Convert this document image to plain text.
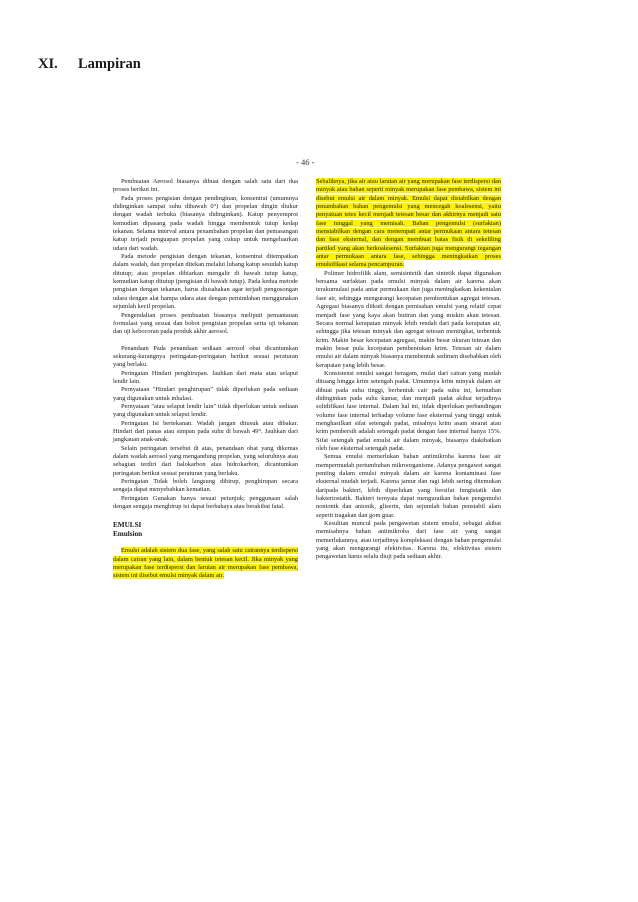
XI. Lampiran
- 46 -

Pembuatan Aerosol biasanya dibuat dengan salah satu dari dua proses berikut ini.

Pada proses pengisian dengan pendinginan, konsentrat (umumnya didinginkan sampai suhu dibawah 0°) dan propelan dingin diukur dengan wadah terbuka (biasanya didinginkan). Katup penyemprot kemudian dipasang pada wadah hingga membentuk tutup kedap tekanan. Selama interval antara penambahan propelan dan pemasangan katup terjadi penguapan propelan yang cukup untuk mengeluarkan udara dari wadah.

Pada metode pengisian dengan tekanan, konsentrat ditempatkan dalam wadah, dan propelan ditekan melalui lubang katup sesudah katup ditutup; atau propelan dibiarkan mengalir di bawah tutup katup, kemudian katup ditutup (pengisian di bawah tutup). Pada kedua metode pengisian dengan tekanan, harus diusahakan agar terjadi pengosongan udara dengan alat hampa udara atau dengan pemindahan menggunakan sejumlah kecil propelan.

Pengendalian proses pembuatan biasanya meliputi pemantauan formulasi yang sesuai dan bobot pengisian propelan serta uji tekanan dan uji kebocoran pada produk akhir aerosol.

Penandaan Pada penandaan sediaan aerosol obat dicantumkan sekurang-kurangnya peringatan-peringatan berikut sesuai peraturan yang berlaku.

Peringatan Hindari penghirupan. Jauhkan dari mata atau selaput lendir lain.

Pernyataan "Hindari penghirupan" tidak diperlukan pada sediaan yang digunakan untuk inhalasi.

Pernyataan "atau selaput lendir lain" tidak diperlukan untuk sediaan yang digunakan untuk selaput lendir.

Peringatan Isi bertekanan. Wadah jangan ditusuk atau dibakar. Hindari dari panas atau simpan pada suhu di bawah 49°. Jauhkan dari jangkauan anak-anak.

Selain peringatan tersebut di atas, penandaan obat yang dikemas dalam wadah aerosol yang mengandung propelan, yang seluruhnya atau sebagian terdiri dari halokarbon atau hidrokarbon, dicantumkan peringatan berikut sesuai peraturan yang berlaku.

Peringatan Tidak boleh langsung dihirup, penghirupan secara sengaja dapat menyebabkan kematian.

Peringatan Gunakan hanya sesuai petunjuk; penggunaan salah dengan sengaja menghirup isi dapat berbahaya atau berakibat fatal.

EMULSI
Emulsion

Emulsi adalah sistem dua fase, yang salah satu cairannya terdispersi dalam cairan yang lain, dalam bentuk tetesan kecil. Jika minyak yang merupakan fase terdispersi dan larutan air merupakan fase pembawa, sistem ini disebut emulsi minyak dalam air.

Sebaliknya, jika air atau larutan air yang merupakan fase terdispersi dan minyak atau bahan seperti minyak merupakan fase pembawa, sistem ini disebut emulsi air dalam minyak. Emulsi dapat distabilkan dengan penambahan bahan pengemulsi yang mencegah koalesensi, yaitu penyatuan tetes kecil menjadi tetesan besar dan akhirnya menjadi satu fase tunggal yang memisah. Bahan pengemulsi (surfaktan) menstabilkan dengan cara menempati antar permukaan antara tetesan dan fase eksternal, dan dengan membuat batas fisik di sekeliling partikel yang akan berkoalesensi. Surfaktan juga mengurangi tegangan antar permukaan antara fase, sehingga meningkatkan proses emulsifikasi selama pencampuran.

Polimer hidrofilik alam, semisintetik dan sintetik dapat digunakan bersama surfaktan pada emulsi minyak dalam air karena akan terakumulasi pada antar permukaan dan juga meningkatkan kekentalan fase air, sehingga mengurangi kecepatan pembentukan agregat tetesan. Agregasi biasanya diikuti dengan pemisahan emulsi yang relatif cepat menjadi fase yang kaya akan butiran dan yang miskin akan tetesan. Secara normal kerapatan minyak lebih rendah dari pada kerapatan air, sehingga jika tetesan minyak dan agregat tetesan meningkat, terbentuk krim. Makin besar kecepatan agregasi, makin besar ukuran tetesan dan makin besar pula kecepatan pembentukan krim. Tetesan air dalam emulsi air dalam minyak biasanya membentuk sedimen disebabkan oleh kerapatan yang lebih besar.

Konsistensi emulsi sangat beragam, mulai dari cairan yang mudah dituang hingga krim setengah padat. Umumnya krim minyak dalam air dibuat pada suhu tinggi, berbentuk cair pada suhu ini, kemudian didinginkan pada suhu kamar, dan menjadi padat akibat terjadinya solidifikasi fase internal. Dalam hal ini, tidak diperlukan perbandingan volume fase internal terhadap volume fase eksternal yang tinggi untuk menghasilkan sifat setengah padat, misalnya krim asam stearat atau krim pembersih adalah setengah padat dengan fase internal hanya 15%. Sifat setengah padat emulsi air dalam minyak, biasanya diakibatkan oleh fase eksternal setengah padat.

Semua emulsi memerlukan bahan antimikroba karena fase air mempermudah pertumbuhan mikroorganisme. Adanya pengawet sangat penting dalam emulsi minyak dalam air karena kontaminasi fase eksternal mudah terjadi. Karena jamur dan ragi lebih sering ditemukan daripada bakteri, lebih diperlukan yang bersifat fungistatik dan bakteriostatik. Bakteri ternyata dapat menguraikan bahan pengemulsi nonionik dan anionik, gliserin, dan sejumlah bahan penstabil alam seperti tragakan dan gom guar.

Kesulitan muncul pada pengawetan sistem emulsi, sebagai akibat memisahnya bahan antimikroba dari fase air yang sangat memerlukannya, atau terjadinya kompleksasi dengan bahan pengemulsi yang akan mengurangi efektivitas. Karena itu, efektivitas sistem pengawetan harus selalu diuji pada sediaan akhir.
